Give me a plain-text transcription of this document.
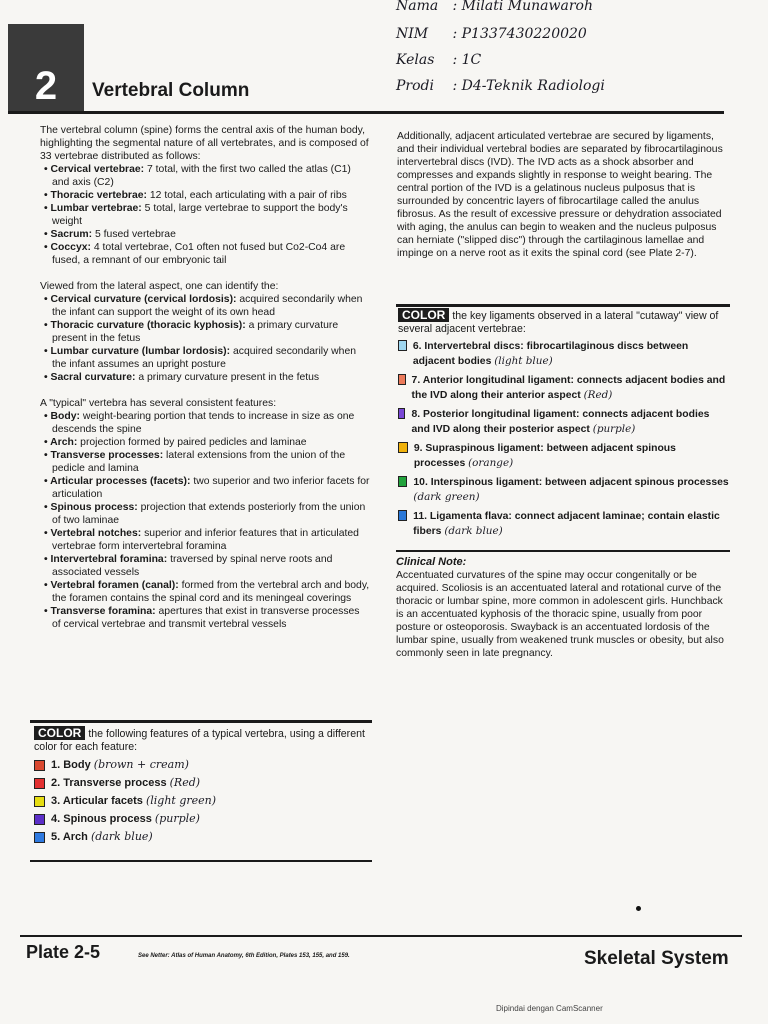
Nama : Milati Munawaroh
NIM : P1337430220020
Kelas : 1C
Prodi : D4-Teknik Radiologi
2	Vertebral Column

The vertebral column (spine) forms the central axis of the human body, highlighting the segmental nature of all vertebrates, and is composed of 33 vertebrae distributed as follows:

• Cervical vertebrae: 7 total, with the first two called the atlas (C1) and axis (C2)
• Thoracic vertebrae: 12 total, each articulating with a pair of ribs
• Lumbar vertebrae: 5 total, large vertebrae to support the body's weight
• Sacrum: 5 fused vertebrae
• Coccyx: 4 total vertebrae, Co1 often not fused but Co2-Co4 are fused, a remnant of our embryonic tail

Viewed from the lateral aspect, one can identify the:

• Cervical curvature (cervical lordosis): acquired secondarily when the infant can support the weight of its own head
• Thoracic curvature (thoracic kyphosis): a primary curvature present in the fetus
• Lumbar curvature (lumbar lordosis): acquired secondarily when the infant assumes an upright posture
• Sacral curvature: a primary curvature present in the fetus

A "typical" vertebra has several consistent features:

• Body: weight-bearing portion that tends to increase in size as one descends the spine
• Arch: projection formed by paired pedicles and laminae
• Transverse processes: lateral extensions from the union of the pedicle and lamina
• Articular processes (facets): two superior and two inferior facets for articulation
• Spinous process: projection that extends posteriorly from the union of two laminae
• Vertebral notches: superior and inferior features that in articulated vertebrae form intervertebral foramina
• Intervertebral foramina: traversed by spinal nerve roots and associated vessels
• Vertebral foramen (canal): formed from the vertebral arch and body, the foramen contains the spinal cord and its meningeal coverings
• Transverse foramina: apertures that exist in transverse processes of cervical vertebrae and transmit vertebral vessels
COLOR the following features of a typical vertebra, using a different color for each feature:
1. Body (brown + cream)
2. Transverse process (Red)
3. Articular facets (light green)
4. Spinous process (purple)
5. Arch (dark blue)

Additionally, adjacent articulated vertebrae are secured by ligaments, and their individual vertebral bodies are separated by fibrocartilaginous intervertebral discs (IVD). The IVD acts as a shock absorber and compresses and expands slightly in response to weight bearing. The central portion of the IVD is a gelatinous nucleus pulposus that is surrounded by concentric layers of fibrocartilage called the anulus fibrosus. As the result of excessive pressure or dehydration associated with aging, the anulus can begin to weaken and the nucleus pulposus can herniate ("slipped disc") through the cartilaginous lamellae and impinge on a nerve root as it exits the spinal cord (see Plate 2-7).

COLOR the key ligaments observed in a lateral "cutaway" view of several adjacent vertebrae:
6. Intervertebral discs: fibrocartilaginous discs between adjacent bodies (light blue)
7. Anterior longitudinal ligament: connects adjacent bodies and the IVD along their anterior aspect (Red)
8. Posterior longitudinal ligament: connects adjacent bodies and IVD along their posterior aspect (purple)
9. Supraspinous ligament: between adjacent spinous processes (orange)
10. Interspinous ligament: between adjacent spinous processes (dark green)
11. Ligamenta flava: connect adjacent laminae; contain elastic fibers (dark blue)

Clinical Note:

Accentuated curvatures of the spine may occur congenitally or be acquired. Scoliosis is an accentuated lateral and rotational curve of the thoracic or lumbar spine, more common in adolescent girls. Hunchback is an accentuated kyphosis of the thoracic spine, usually from poor posture or osteoporosis. Swayback is an accentuated lordosis of the lumbar spine, usually from weakened trunk muscles or obesity, but also commonly seen in late pregnancy.

Plate 2-5	See Netter: Atlas of Human Anatomy, 6th Edition, Plates 153, 155, and 159.	Skeletal System
Dipindai dengan CamScanner
